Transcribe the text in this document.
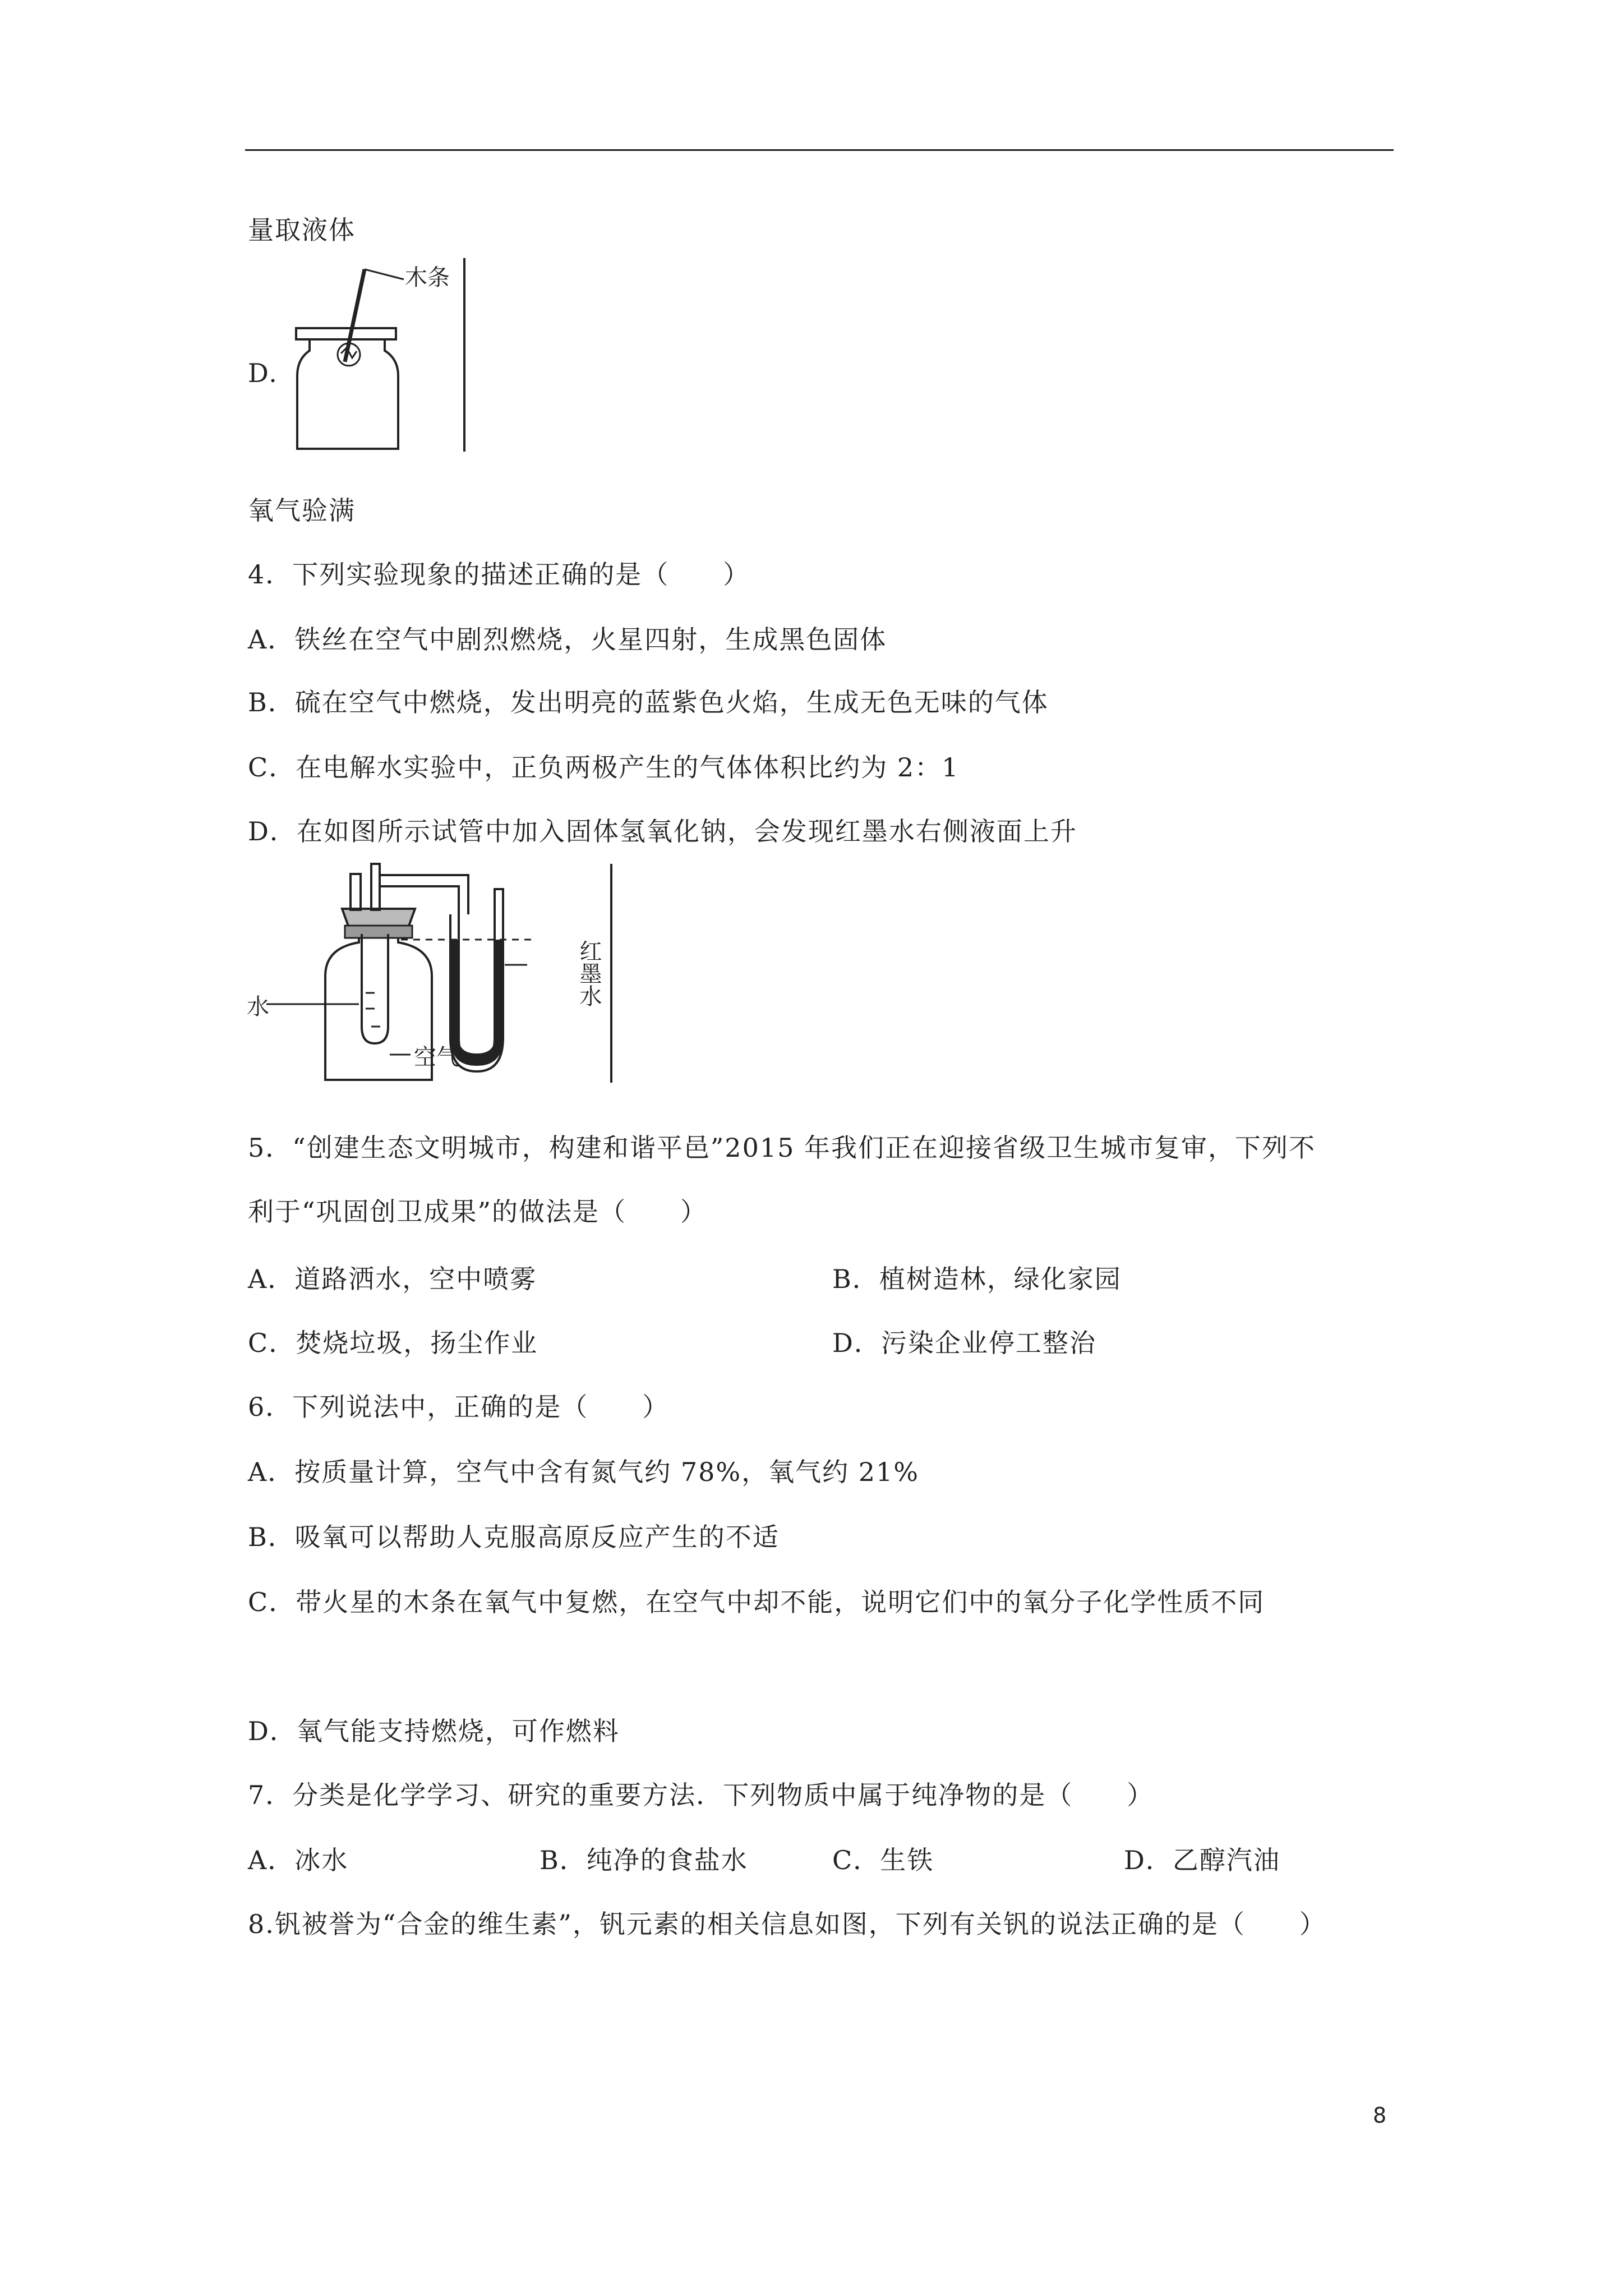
量取液体
D.
木条
氧气验满
4．下列实验现象的描述正确的是（　　）
A．铁丝在空气中剧烈燃烧，火星四射，生成黑色固体
B．硫在空气中燃烧，发出明亮的蓝紫色火焰，生成无色无味的气体
C．在电解水实验中，正负两极产生的气体体积比约为 2：1
D．在如图所示试管中加入固体氢氧化钠，会发现红墨水右侧液面上升
水
空气
红墨水
5．“创建生态文明城市，构建和谐平邑”2015 年我们正在迎接省级卫生城市复审，下列不
利于“巩固创卫成果”的做法是（　　）
A．道路洒水，空中喷雾	B．植树造林，绿化家园
C．焚烧垃圾，扬尘作业	D．污染企业停工整治
6．下列说法中，正确的是（　　）
A．按质量计算，空气中含有氮气约 78%，氧气约 21%
B．吸氧可以帮助人克服高原反应产生的不适
C．带火星的木条在氧气中复燃，在空气中却不能，说明它们中的氧分子化学性质不同
D．氧气能支持燃烧，可作燃料
7．分类是化学学习、研究的重要方法．下列物质中属于纯净物的是（　　）
A．冰水	B．纯净的食盐水	C．生铁	D．乙醇汽油
8.钒被誉为“合金的维生素”，钒元素的相关信息如图，下列有关钒的说法正确的是（　　）
8
